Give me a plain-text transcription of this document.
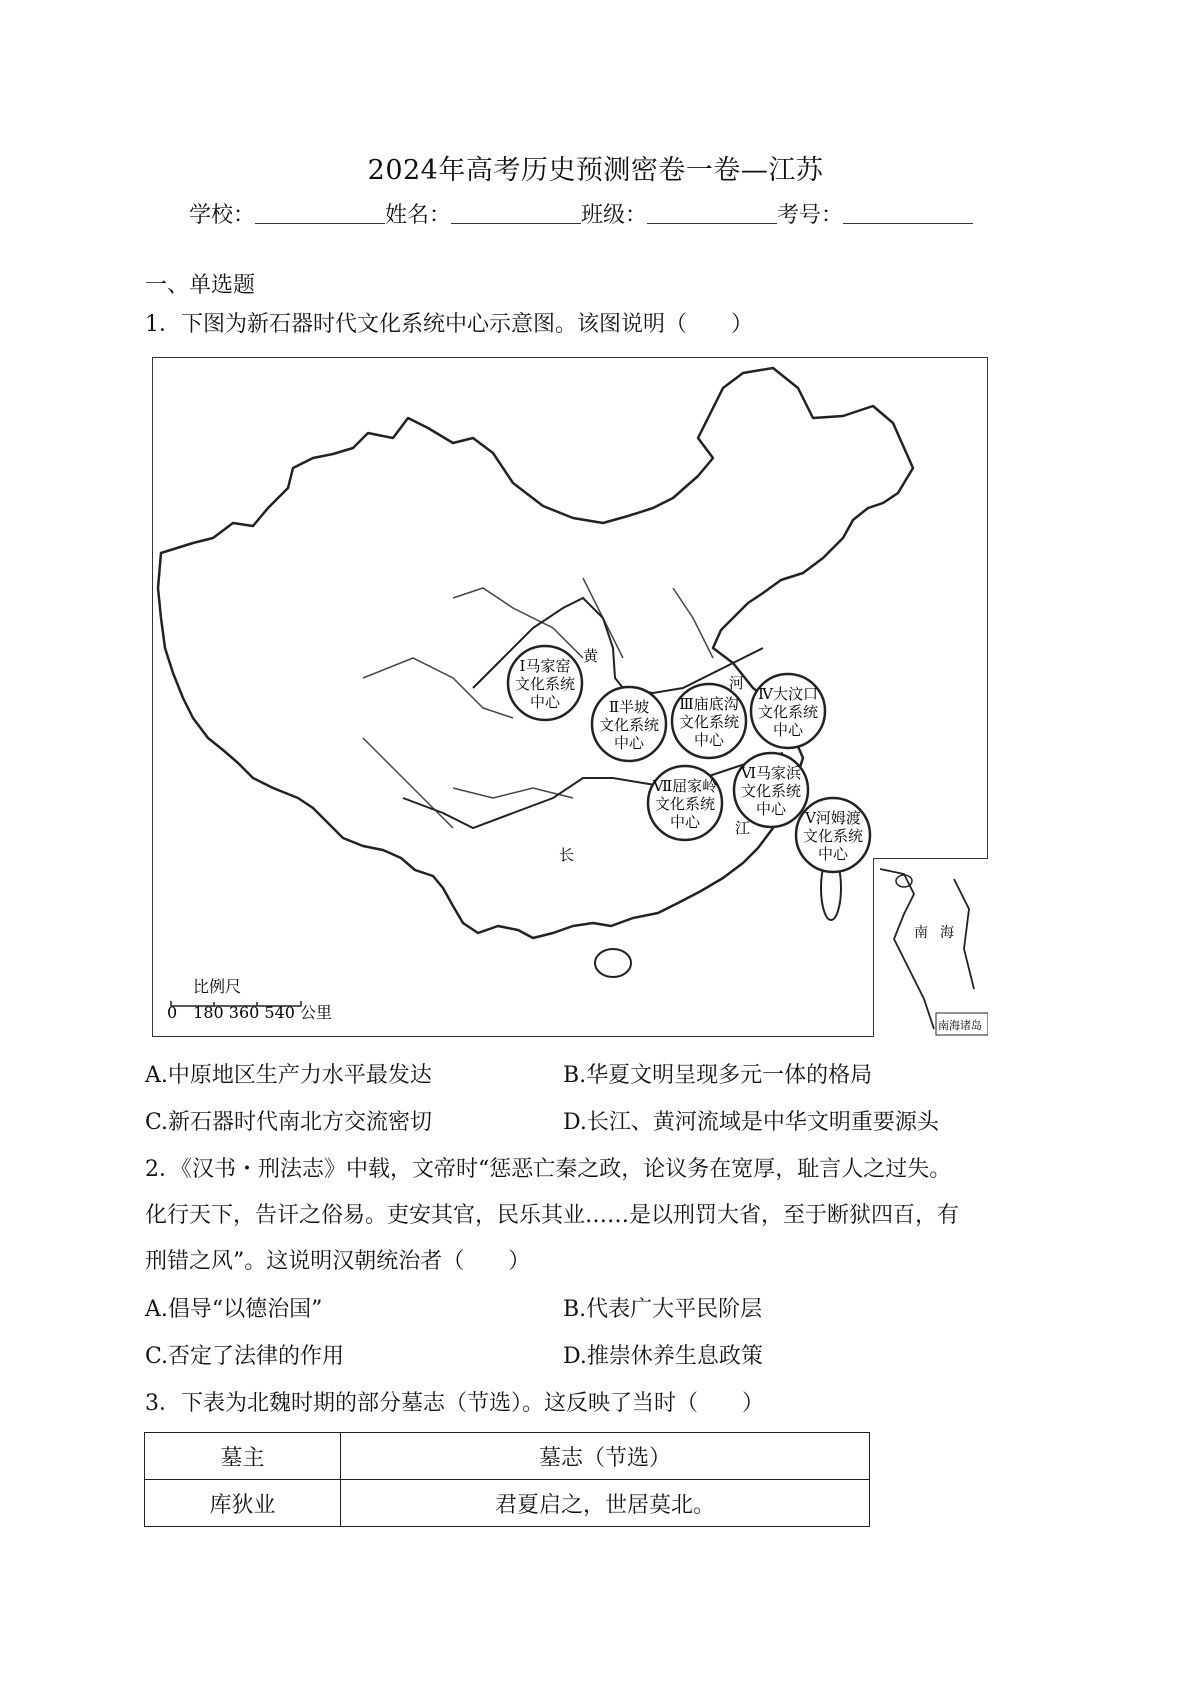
2024年高考历史预测密卷一卷—江苏
学校：	姓名：	班级：	考号：
一、单选题
1．下图为新石器时代文化系统中心示意图。该图说明（　　）
Ⅰ马家窑
文化系统
中心	Ⅱ半坡
文化系统
中心
Ⅲ庙底沟
文化系统
中心
Ⅳ大汶口
文化系统
中心
Ⅵ马家浜
文化系统
中心
Ⅶ屈家岭
文化系统
中心	Ⅴ河姆渡
文化系统
中心
黄
河
长
江
比例尺
0　180 360 540 公里
南 海
南海诸岛
A.中原地区生产力水平最发达	B.华夏文明呈现多元一体的格局
C.新石器时代南北方交流密切	D.长江、黄河流域是中华文明重要源头
2．《汉书・刑法志》中载，文帝时“惩恶亡秦之政，论议务在宽厚，耻言人之过失。
化行天下，告讦之俗易。吏安其官，民乐其业……是以刑罚大省，至于断狱四百，有
刑错之风”。这说明汉朝统治者（　　）
A.倡导“以德治国”	B.代表广大平民阶层
C.否定了法律的作用	D.推崇休养生息政策
3．下表为北魏时期的部分墓志（节选）。这反映了当时（　　）
墓主	墓志（节选）
库狄业	君夏启之，世居莫北。
